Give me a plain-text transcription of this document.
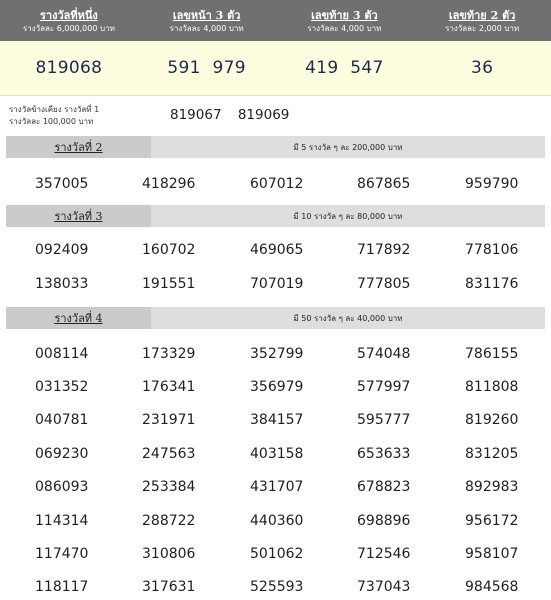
รางวัลที่หนึ่ง
รางวัลละ 6,000,000 บาท
เลขหน้า 3 ตัว
รางวัลละ 4,000 บาท
เลขท้าย 3 ตัว
รางวัลละ 4,000 บาท
เลขท้าย 2 ตัว
รางวัลละ 2,000 บาท
819068	591 979	419 547	36
รางวัลข้างเคียง รางวัลที่ 1
รางวัลละ 100,000 บาท	819067 819069
รางวัลที่ 2	มี 5 รางวัล ๆ ละ 200,000 บาท
357005	418296	607012	867865	959790
รางวัลที่ 3	มี 10 รางวัล ๆ ละ 80,000 บาท
092409	160702	469065	717892	778106
138033	191551	707019	777805	831176
รางวัลที่ 4	มี 50 รางวัล ๆ ละ 40,000 บาท
008114	173329	352799	574048	786155
031352	176341	356979	577997	811808
040781	231971	384157	595777	819260
069230	247563	403158	653633	831205
086093	253384	431707	678823	892983
114314	288722	440360	698896	956172
117470	310806	501062	712546	958107
118117	317631	525593	737043	984568
